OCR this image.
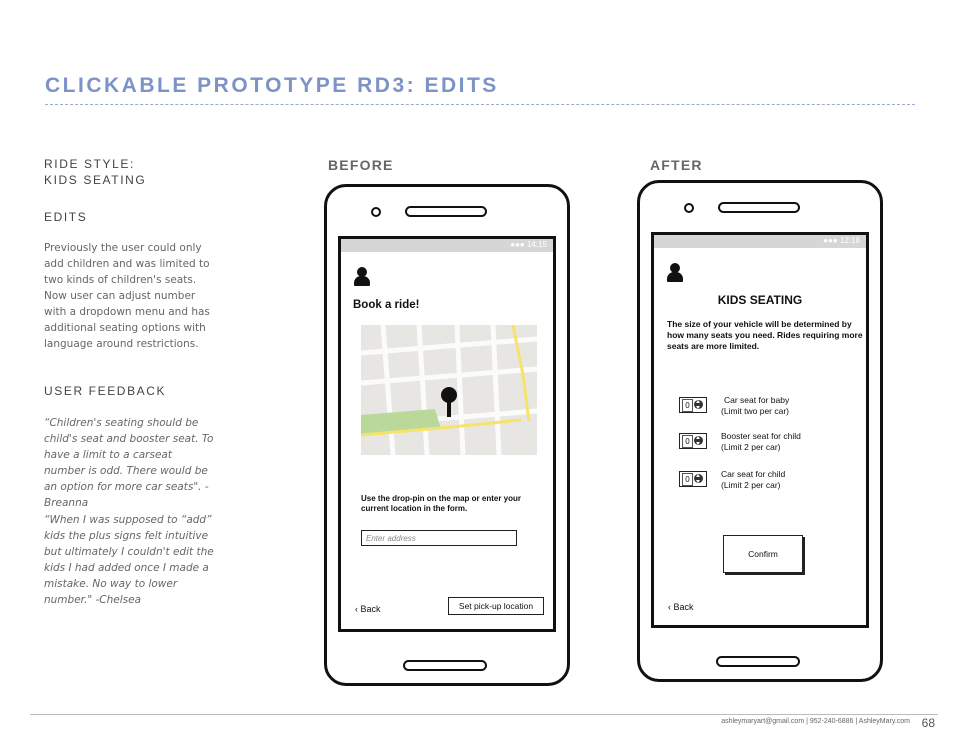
CLICKABLE PROTOTYPE RD3: EDITS
RIDE STYLE:
KIDS SEATING
EDITS
Previously the user could only add children and was limited to two kinds of children's seats. Now user can adjust number with a dropdown menu and has additional seating options with language around restrictions.
USER FEEDBACK
“Children's seating should be child's seat and booster seat. To have a limit to a carseat number is odd. There would be an option for more car seats". -Breanna
“When I was supposed to “add” kids the plus signs felt intuitive but ultimately I couldn't edit the kids I had added once I made a mistake. No way to lower number." -Chelsea
BEFORE	AFTER
●●● 14:15
Book a ride!
Use the drop-pin on the map or enter your current location in the form.
Enter address
‹ Back	Set pick-up location
●●● 12:18
KIDS SEATING
The size of your vehicle will be determined by how many seats you need. Rides requiring more seats are more limited.
0
Car seat for baby
(Limit two per car)
0
Booster seat for child
(Limit 2 per car)
0
Car seat for child
(Limit 2 per car)
Confirm
‹ Back
ashleymaryart@gmail.com | 952-240-6886 | AshleyMary.com 68
